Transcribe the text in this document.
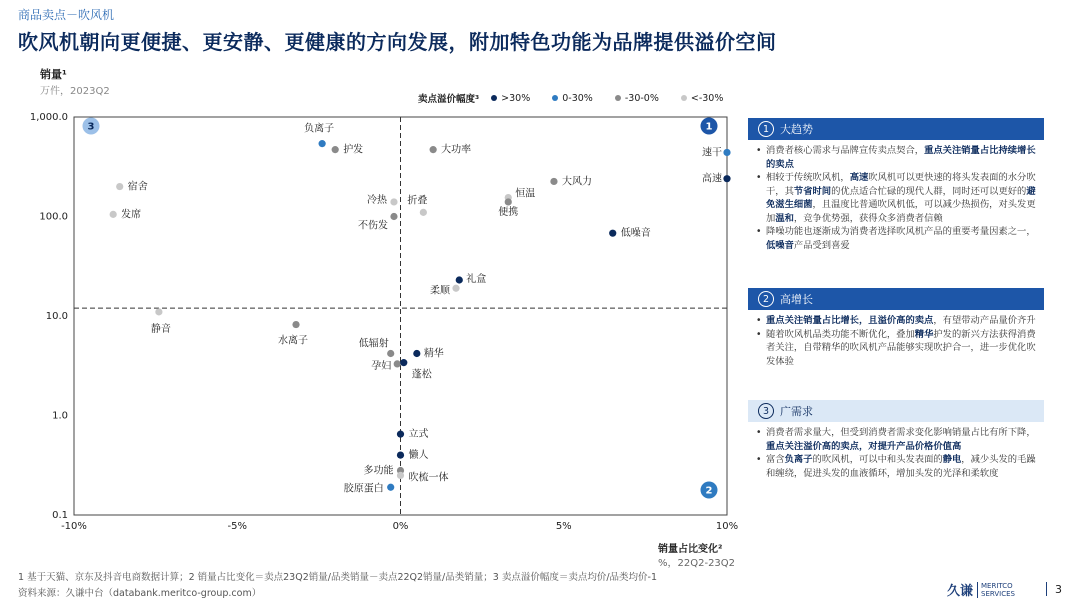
商品卖点－吹风机
吹风机朝向更便捷、更安静、更健康的方向发展，附加特色功能为品牌提供溢价空间
销量¹
万件，2023Q2
卖点溢价幅度³	>30%	0-30%	-30-0%	<-30%
1,000.0
100.0
10.0
1.0
0.1
-10%	-5%	0%	5%	10%
1
2
3
速干
高速
负离子
护发	大功率
大风力
恒温
便携
低噪音
冷热 折叠
不伤发
宿舍
发席
礼盒
柔顺
静音
水离子	低辐射
精华
孕妇
蓬松
立式
懒人
多功能
吹梳一体
胶原蛋白
销量占比变化²
%，22Q2-23Q2
1 大趋势
• 消费者核心需求与品牌宣传卖点契合，重点关注销量占比持续增长的卖点
• 相较于传统吹风机，高速吹风机可以更快速的将头发表面的水分吹干，其节省时间的优点适合忙碌的现代人群，同时还可以更好的避免滋生细菌，且温度比普通吹风机低，可以减少热损伤，对头发更加温和，竞争优势强，获得众多消费者信赖
• 降噪功能也逐渐成为消费者选择吹风机产品的重要考量因素之一，低噪音产品受到喜爱
2 高增长
• 重点关注销量占比增长，且溢价高的卖点，有望带动产品量价齐升
• 随着吹风机品类功能不断优化，叠加精华护发的新兴方法获得消费者关注，自带精华的吹风机产品能够实现吹护合一，进一步优化吹发体验
3 广需求
• 消费者需求量大，但受到消费者需求变化影响销量占比有所下降，重点关注溢价高的卖点，对提升产品价格价值高
• 富含负离子的吹风机，可以中和头发表面的静电，减少头发的毛躁和缠绕，促进头发的血液循环，增加头发的光泽和柔软度
1 基于天猫、京东及抖音电商数据计算；2 销量占比变化＝卖点23Q2销量/品类销量－卖点22Q2销量/品类销量；3 卖点溢价幅度＝卖点均价/品类均价-1
资料来源：久谦中台（databank.meritco-group.com）	久谦	MERITCO
SERVICES	3
